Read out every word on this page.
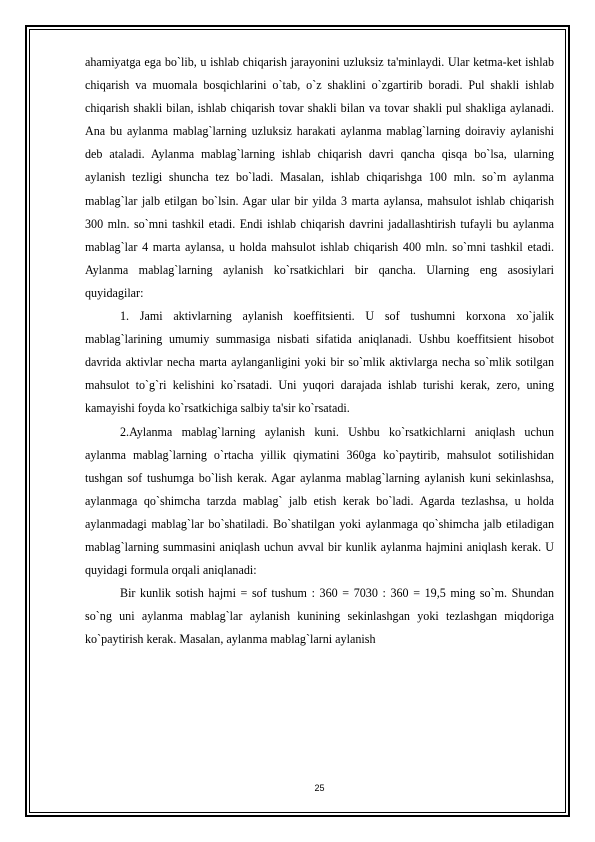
ahamiyatga ega bo`lib, u ishlab chiqarish jarayonini uzluksiz ta'minlaydi. Ular ketma-ket ishlab chiqarish va muomala bosqichlarini o`tab, o`z shaklini o`zgartirib boradi. Pul shakli ishlab chiqarish shakli bilan, ishlab chiqarish tovar shakli bilan va tovar shakli pul shakliga aylanadi. Ana bu aylanma mablag`larning uzluksiz harakati aylanma mablag`larning doiraviy aylanishi deb ataladi. Aylanma mablag`larning ishlab chiqarish davri qancha qisqa bo`lsa, ularning aylanish tezligi shuncha tez bo`ladi. Masalan, ishlab chiqarishga 100 mln. so`m aylanma mablag`lar jalb etilgan bo`lsin. Agar ular bir yilda 3 marta aylansa, mahsulot ishlab chiqarish 300 mln. so`mni tashkil etadi. Endi ishlab chiqarish davrini jadallashtirish tufayli bu aylanma mablag`lar 4 marta aylansa, u holda mahsulot ishlab chiqarish 400 mln. so`mni tashkil etadi. Aylanma mablag`larning aylanish ko`rsatkichlari bir qancha. Ularning eng asosiylari quyidagilar:

1. Jami aktivlarning aylanish koeffitsienti. U sof tushumni korxona xo`jalik mablag`larining umumiy summasiga nisbati sifatida aniqlanadi. Ushbu koeffitsient hisobot davrida aktivlar necha marta aylanganligini yoki bir so`mlik aktivlarga necha so`mlik sotilgan mahsulot to`g`ri kelishini ko`rsatadi. Uni yuqori darajada ishlab turishi kerak, zero, uning kamayishi foyda ko`rsatkichiga salbiy ta'sir ko`rsatadi.

2.Aylanma mablag`larning aylanish kuni. Ushbu ko`rsatkichlarni aniqlash uchun aylanma mablag`larning o`rtacha yillik qiymatini 360ga ko`paytirib, mahsulot sotilishidan tushgan sof tushumga bo`lish kerak. Agar aylanma mablag`larning aylanish kuni sekinlashsa, aylanmaga qo`shimcha tarzda mablag` jalb etish kerak bo`ladi. Agarda tezlashsa, u holda aylanmadagi mablag`lar bo`shatiladi. Bo`shatilgan yoki aylanmaga qo`shimcha jalb etiladigan mablag`larning summasini aniqlash uchun avval bir kunlik aylanma hajmini aniqlash kerak. U quyidagi formula orqali aniqlanadi:

Bir kunlik sotish hajmi = sof tushum : 360 = 7030 : 360 = 19,5 ming so`m. Shundan so`ng uni aylanma mablag`lar aylanish kunining sekinlashgan yoki tezlashgan miqdoriga ko`paytirish kerak. Masalan, aylanma mablag`larni aylanish

25
